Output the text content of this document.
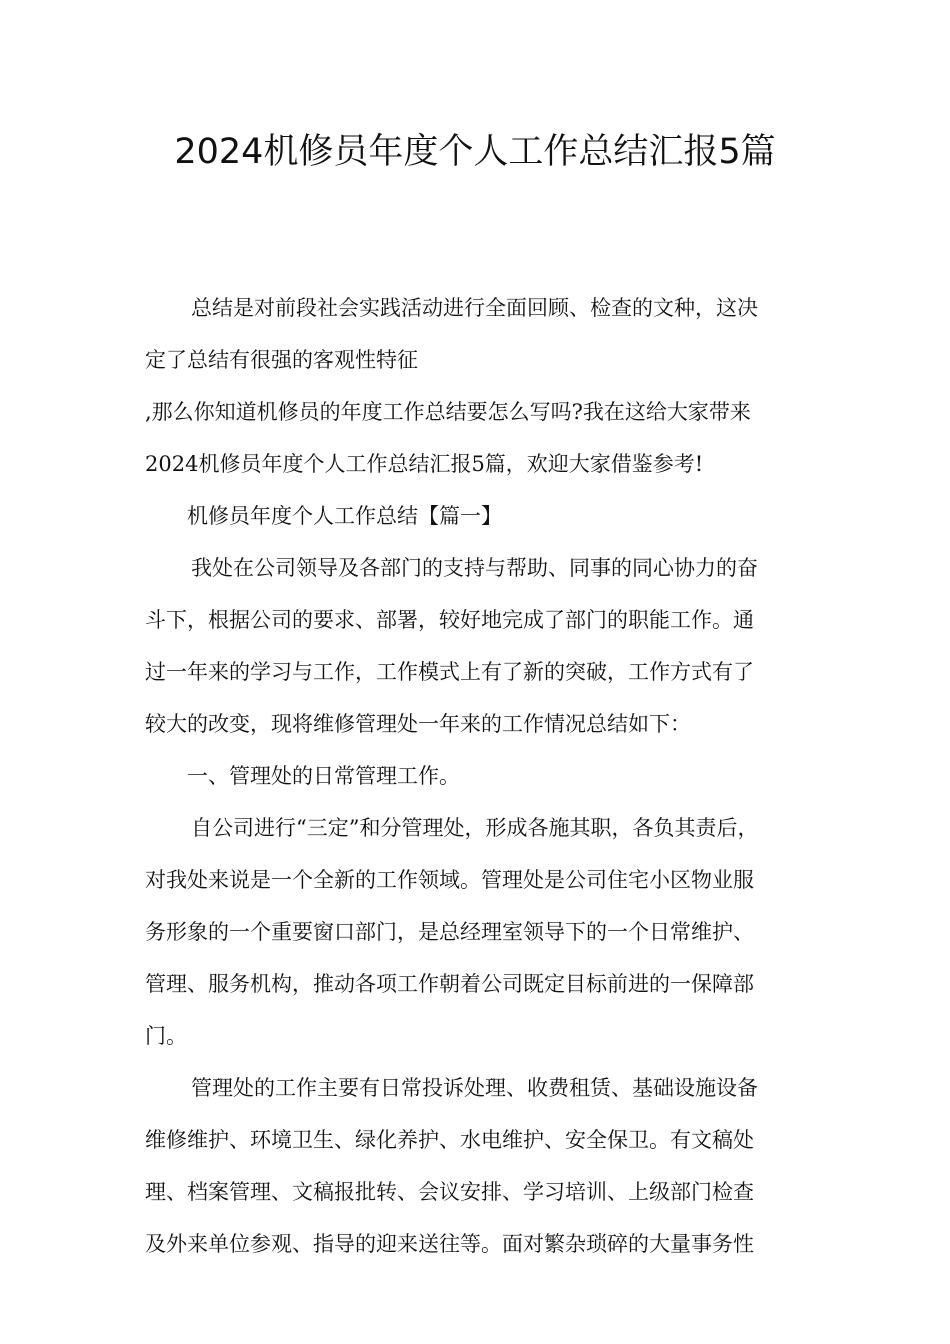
2024机修员年度个人工作总结汇报5篇
总结是对前段社会实践活动进行全面回顾、检查的文种，这决
定了总结有很强的客观性特征
,那么你知道机修员的年度工作总结要怎么写吗?我在这给大家带来
2024机修员年度个人工作总结汇报5篇，欢迎大家借鉴参考!
机修员年度个人工作总结【篇一】
我处在公司领导及各部门的支持与帮助、同事的同心协力的奋
斗下，根据公司的要求、部署，较好地完成了部门的职能工作。通
过一年来的学习与工作，工作模式上有了新的突破，工作方式有了
较大的改变，现将维修管理处一年来的工作情况总结如下：
一、管理处的日常管理工作。
自公司进行“三定”和分管理处，形成各施其职，各负其责后，
对我处来说是一个全新的工作领域。管理处是公司住宅小区物业服
务形象的一个重要窗口部门，是总经理室领导下的一个日常维护、
管理、服务机构，推动各项工作朝着公司既定目标前进的一保障部
门。
管理处的工作主要有日常投诉处理、收费租赁、基础设施设备
维修维护、环境卫生、绿化养护、水电维护、安全保卫。有文稿处
理、档案管理、文稿报批转、会议安排、学习培训、上级部门检查
及外来单位参观、指导的迎来送往等。面对繁杂琐碎的大量事务性
